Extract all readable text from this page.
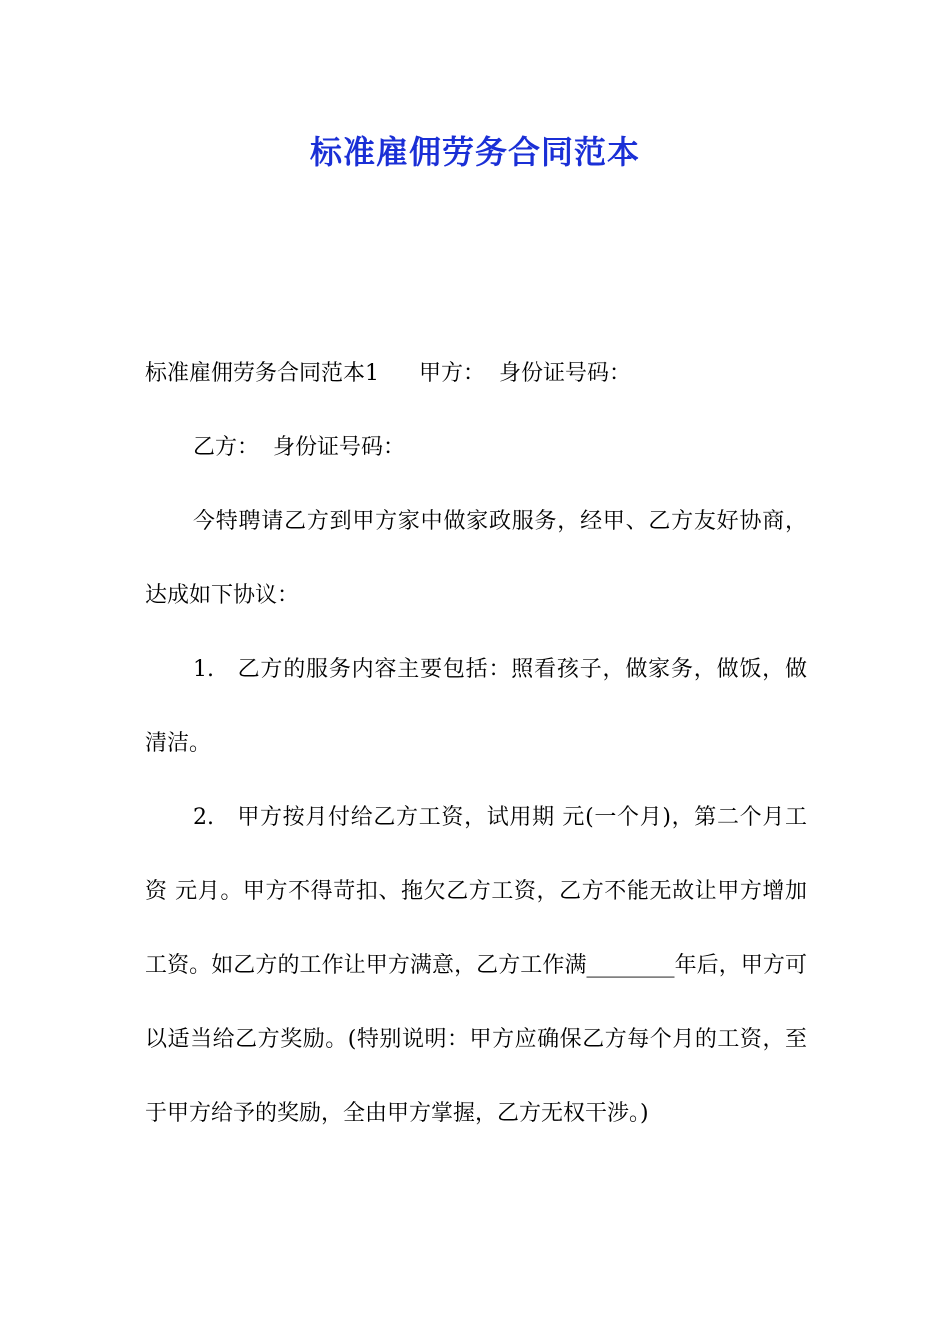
标准雇佣劳务合同范本

标准雇佣劳务合同范本1 甲方： 身份证号码：

乙方： 身份证号码：

今特聘请乙方到甲方家中做家政服务，经甲、乙方友好协商，达成如下协议：

1.　乙方的服务内容主要包括：照看孩子，做家务，做饭，做清洁。

2.　甲方按月付给乙方工资，试用期 元(一个月)，第二个月工资 元月。甲方不得苛扣、拖欠乙方工资，乙方不能无故让甲方增加工资。如乙方的工作让甲方满意，乙方工作满________年后，甲方可以适当给乙方奖励。(特别说明：甲方应确保乙方每个月的工资，至于甲方给予的奖励，全由甲方掌握，乙方无权干涉。)
